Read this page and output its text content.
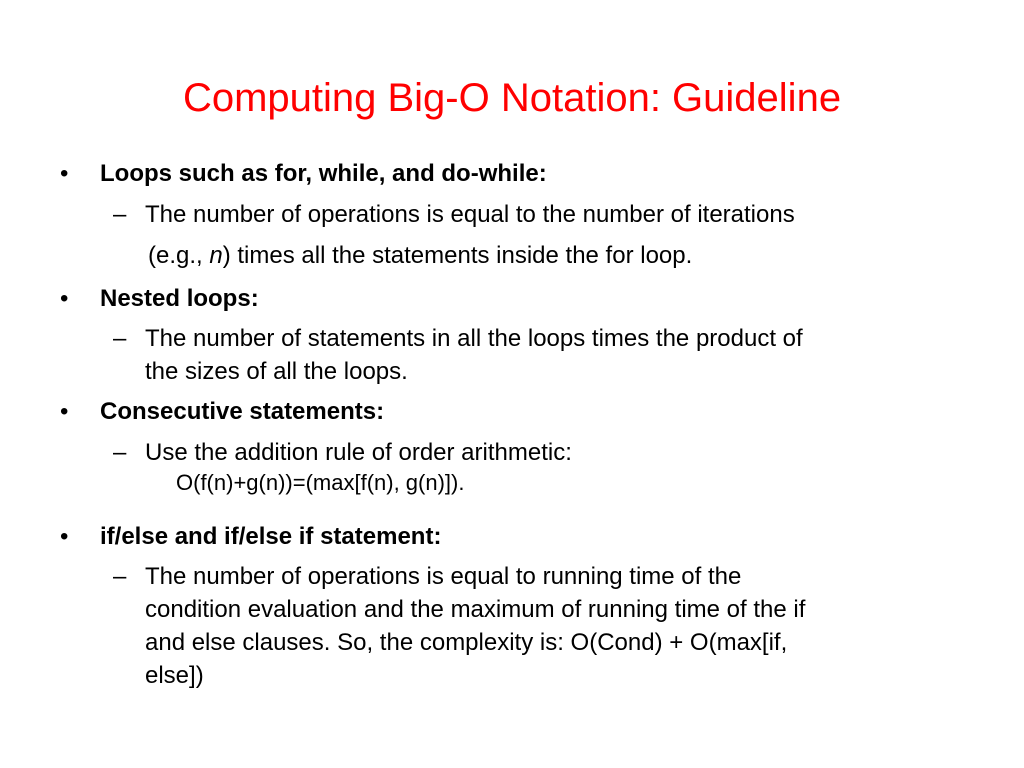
Computing Big-O Notation: Guideline
• Loops such as for, while, and do-while:
– The number of operations is equal to the number of iterations
(e.g., n) times all the statements inside the for loop.
• Nested loops:
– The number of statements in all the loops times the product of
the sizes of all the loops.
• Consecutive statements:
– Use the addition rule of order arithmetic:
O(f(n)+g(n))=(max[f(n), g(n)]).
• if/else and if/else if statement:
– The number of operations is equal to running time of the
condition evaluation and the maximum of running time of the if
and else clauses. So, the complexity is: O(Cond) + O(max[if,
else])
